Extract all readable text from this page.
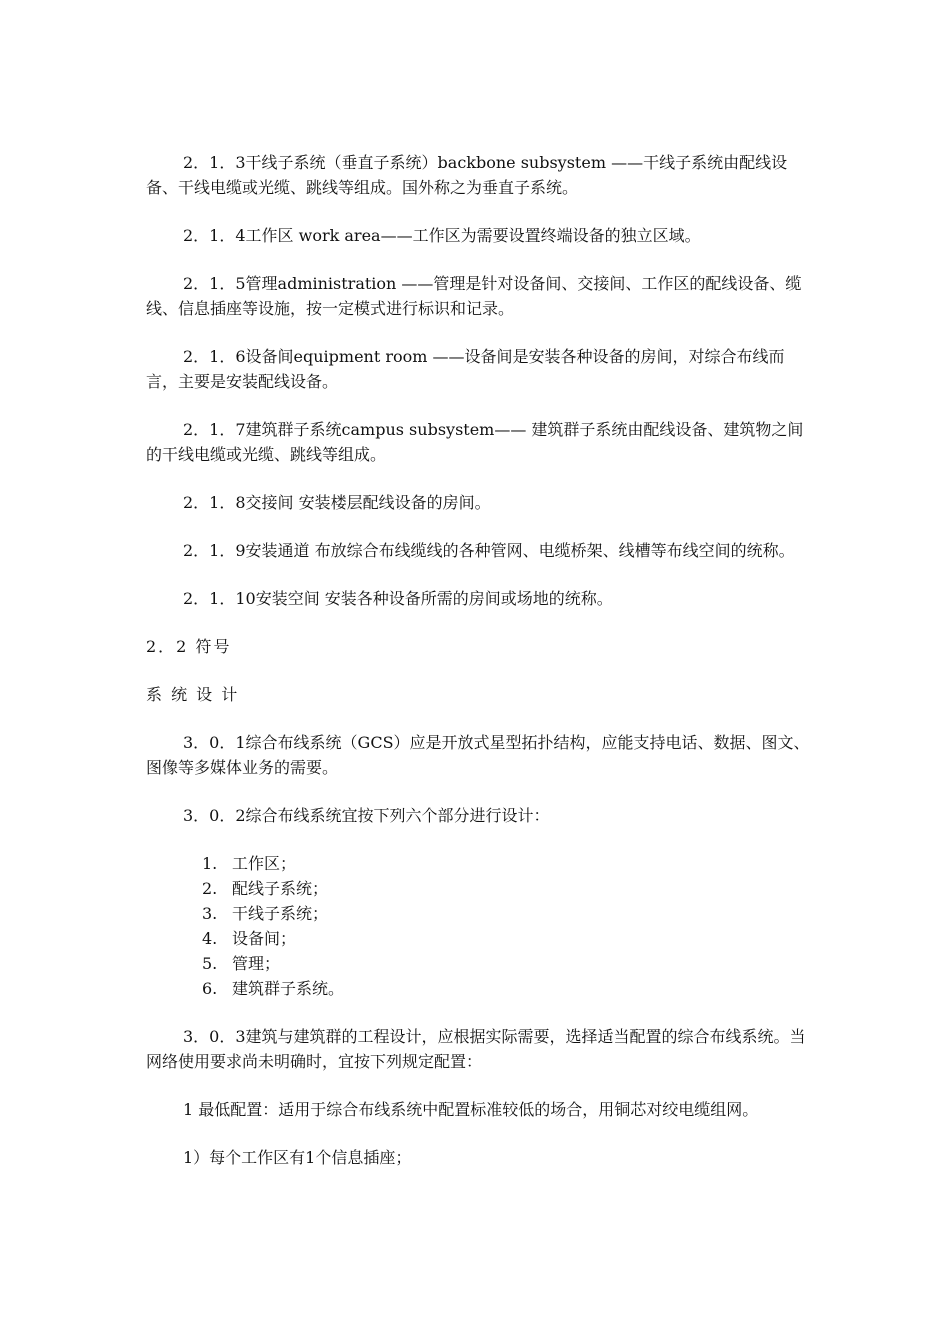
2．1．3干线子系统（垂直子系统）backbone subsystem ——干线子系统由配线设备、干线电缆或光缆、跳线等组成。国外称之为垂直子系统。

2．1．4工作区 work area——工作区为需要设置终端设备的独立区域。

2．1．5管理administration ——管理是针对设备间、交接间、工作区的配线设备、缆线、信息插座等设施，按一定模式进行标识和记录。

2．1．6设备间equipment room ——设备间是安装各种设备的房间，对综合布线而言，主要是安装配线设备。

2．1．7建筑群子系统campus subsystem—— 建筑群子系统由配线设备、建筑物之间的干线电缆或光缆、跳线等组成。

2．1．8交接间 安装楼层配线设备的房间。

2．1．9安装通道 布放综合布线缆线的各种管网、电缆桥架、线槽等布线空间的统称。

2．1．10安装空间 安装各种设备所需的房间或场地的统称。

2．2 符号

系 统 设 计

3．0．1综合布线系统（GCS）应是开放式星型拓扑结构，应能支持电话、数据、图文、图像等多媒体业务的需要。

3．0．2综合布线系统宜按下列六个部分进行设计：

1. 工作区；
2. 配线子系统；
3. 干线子系统；
4. 设备间；
5. 管理；
6. 建筑群子系统。

3．0．3建筑与建筑群的工程设计，应根据实际需要，选择适当配置的综合布线系统。当网络使用要求尚未明确时，宜按下列规定配置：

1 最低配置：适用于综合布线系统中配置标准较低的场合，用铜芯对绞电缆组网。

1）每个工作区有1个信息插座；
